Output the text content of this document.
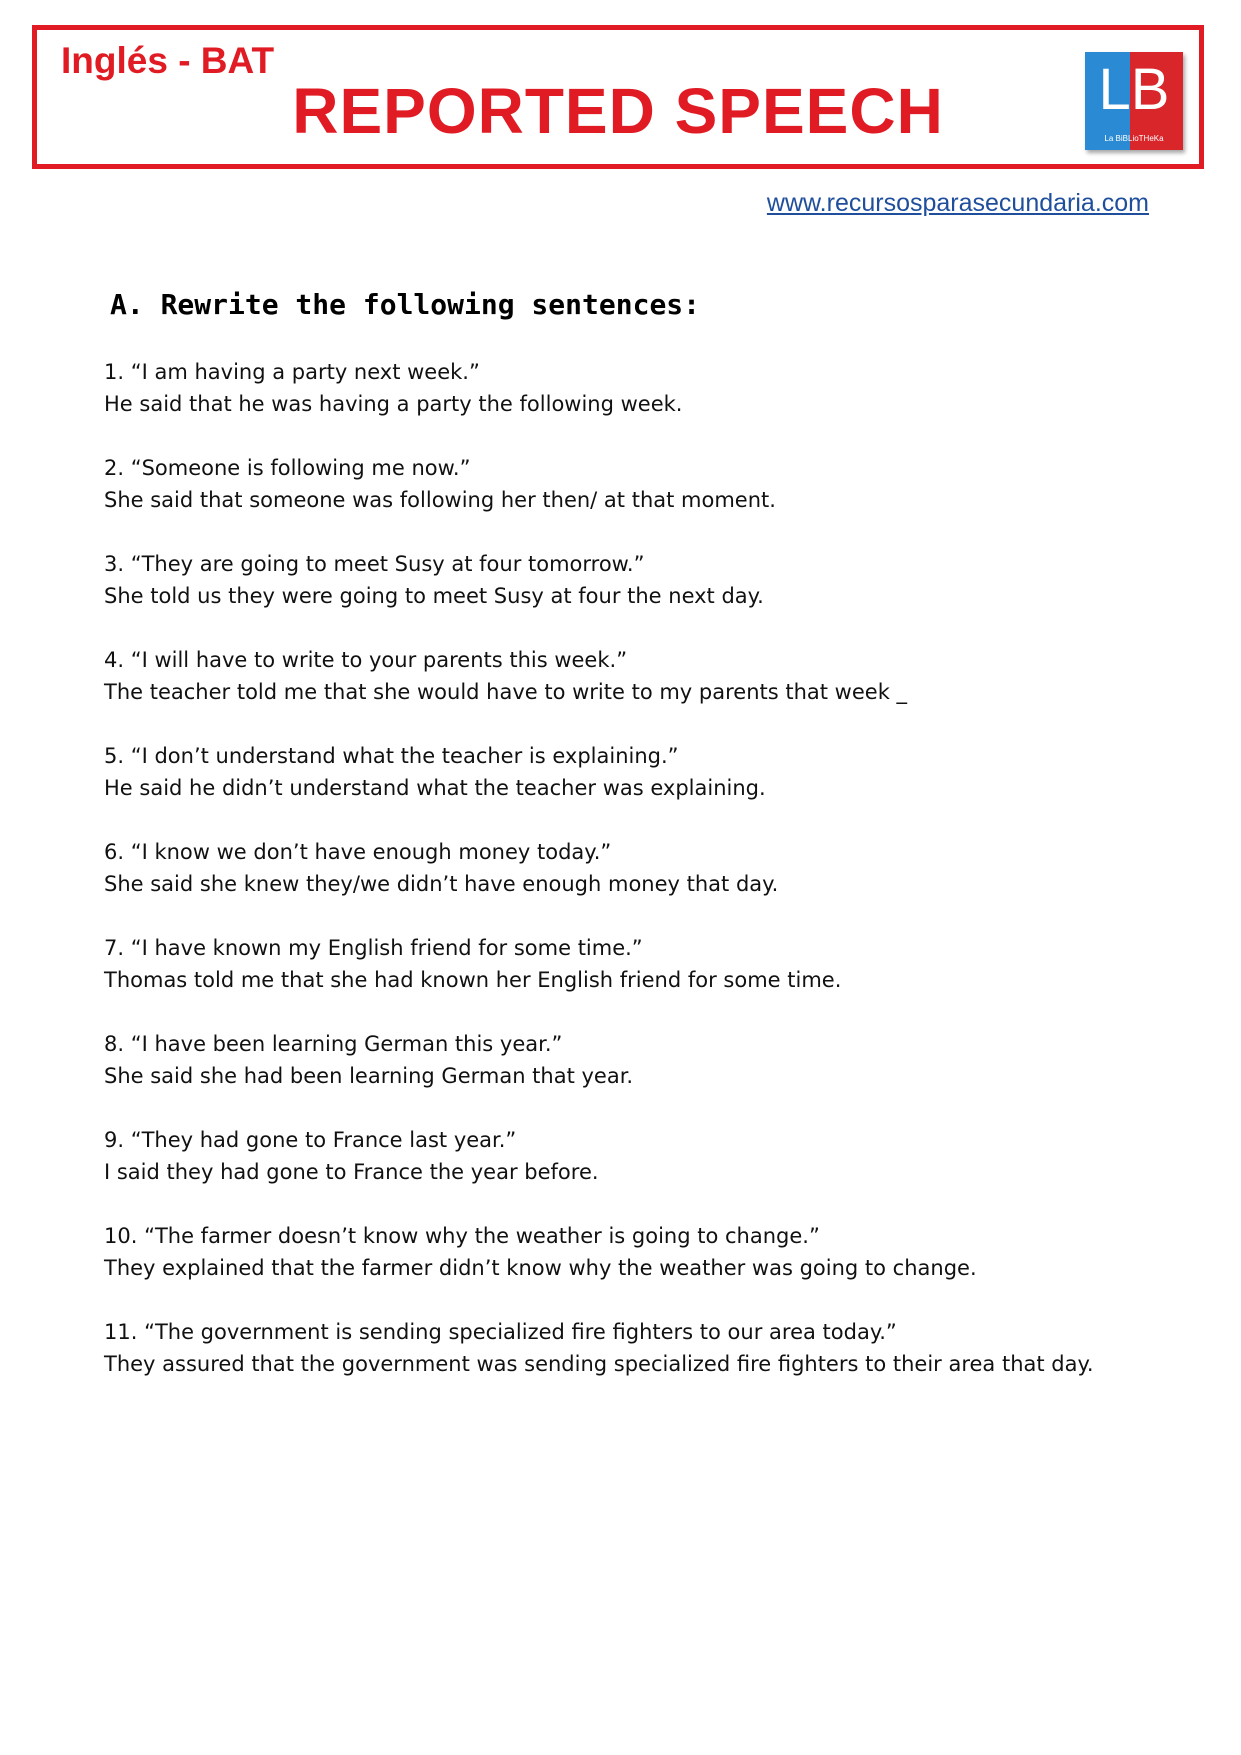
Inglés - BAT
REPORTED SPEECH	LB
La BiBLioTHeKa
www.recursosparasecundaria.com
A. Rewrite the following sentences:
1. “I am having a party next week.”
He said that he was having a party the following week.
2. “Someone is following me now.”
She said that someone was following her then/ at that moment.
3. “They are going to meet Susy at four tomorrow.”
She told us they were going to meet Susy at four the next day.
4. “I will have to write to your parents this week.”
The teacher told me that she would have to write to my parents that week _
5. “I don’t understand what the teacher is explaining.”
He said he didn’t understand what the teacher was explaining.
6. “I know we don’t have enough money today.”
She said she knew they/we didn’t have enough money that day.
7. “I have known my English friend for some time.”
Thomas told me that she had known her English friend for some time.
8. “I have been learning German this year.”
She said she had been learning German that year.
9. “They had gone to France last year.”
I said they had gone to France the year before.
10. “The farmer doesn’t know why the weather is going to change.”
They explained that the farmer didn’t know why the weather was going to change.
11. “The government is sending specialized fire fighters to our area today.”
They assured that the government was sending specialized fire fighters to their area that day.
